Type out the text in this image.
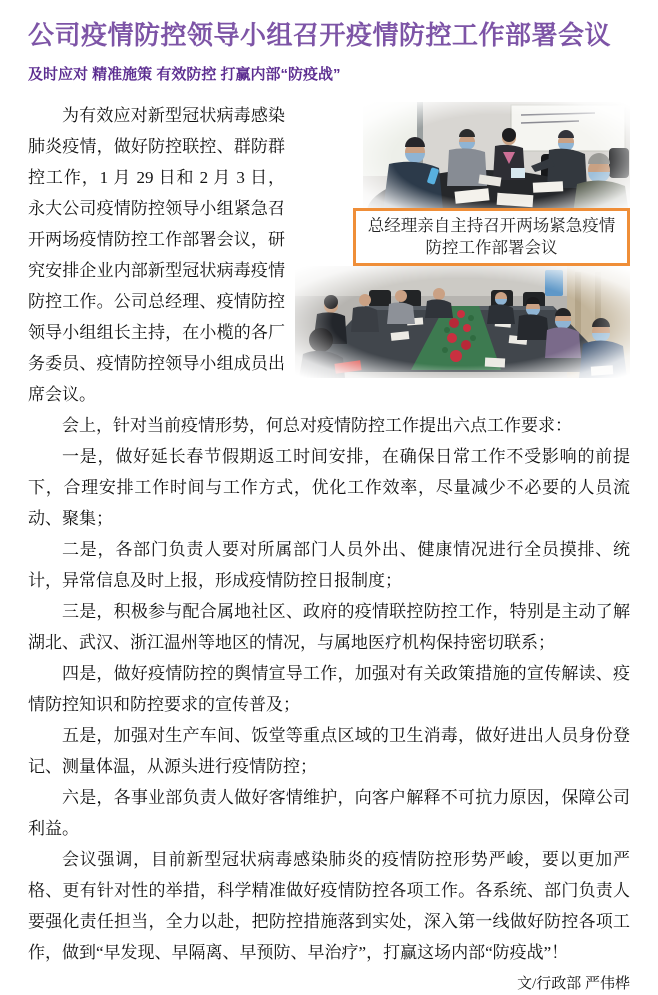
公司疫情防控领导小组召开疫情防控工作部署会议
及时应对 精准施策 有效防控 打赢内部“防疫战”
总经理亲自主持召开两场紧急疫情防控工作部署会议

为有效应对新型冠状病毒感染肺炎疫情，做好防控联控、群防群控工作，1 月 29 日和 2 月 3 日，永大公司疫情防控领导小组紧急召开两场疫情防控工作部署会议，研究安排企业内部新型冠状病毒疫情防控工作。公司总经理、疫情防控领导小组组长主持，在小榄的各厂务委员、疫情防控领导小组成员出席会议。

会上，针对当前疫情形势，何总对疫情防控工作提出六点工作要求：

一是，做好延长春节假期返工时间安排，在确保日常工作不受影响的前提下，合理安排工作时间与工作方式，优化工作效率，尽量减少不必要的人员流动、聚集；

二是，各部门负责人要对所属部门人员外出、健康情况进行全员摸排、统计，异常信息及时上报，形成疫情防控日报制度；

三是，积极参与配合属地社区、政府的疫情联控防控工作，特别是主动了解湖北、武汉、浙江温州等地区的情况，与属地医疗机构保持密切联系；

四是，做好疫情防控的舆情宣导工作，加强对有关政策措施的宣传解读、疫情防控知识和防控要求的宣传普及；

五是，加强对生产车间、饭堂等重点区域的卫生消毒，做好进出人员身份登记、测量体温，从源头进行疫情防控；

六是，各事业部负责人做好客情维护，向客户解释不可抗力原因，保障公司利益。

会议强调，目前新型冠状病毒感染肺炎的疫情防控形势严峻，要以更加严格、更有针对性的举措，科学精准做好疫情防控各项工作。各系统、部门负责人要强化责任担当，全力以赴，把防控措施落到实处，深入第一线做好防控各项工作，做到“早发现、早隔离、早预防、早治疗”，打赢这场内部“防疫战”！

文/行政部 严伟桦
